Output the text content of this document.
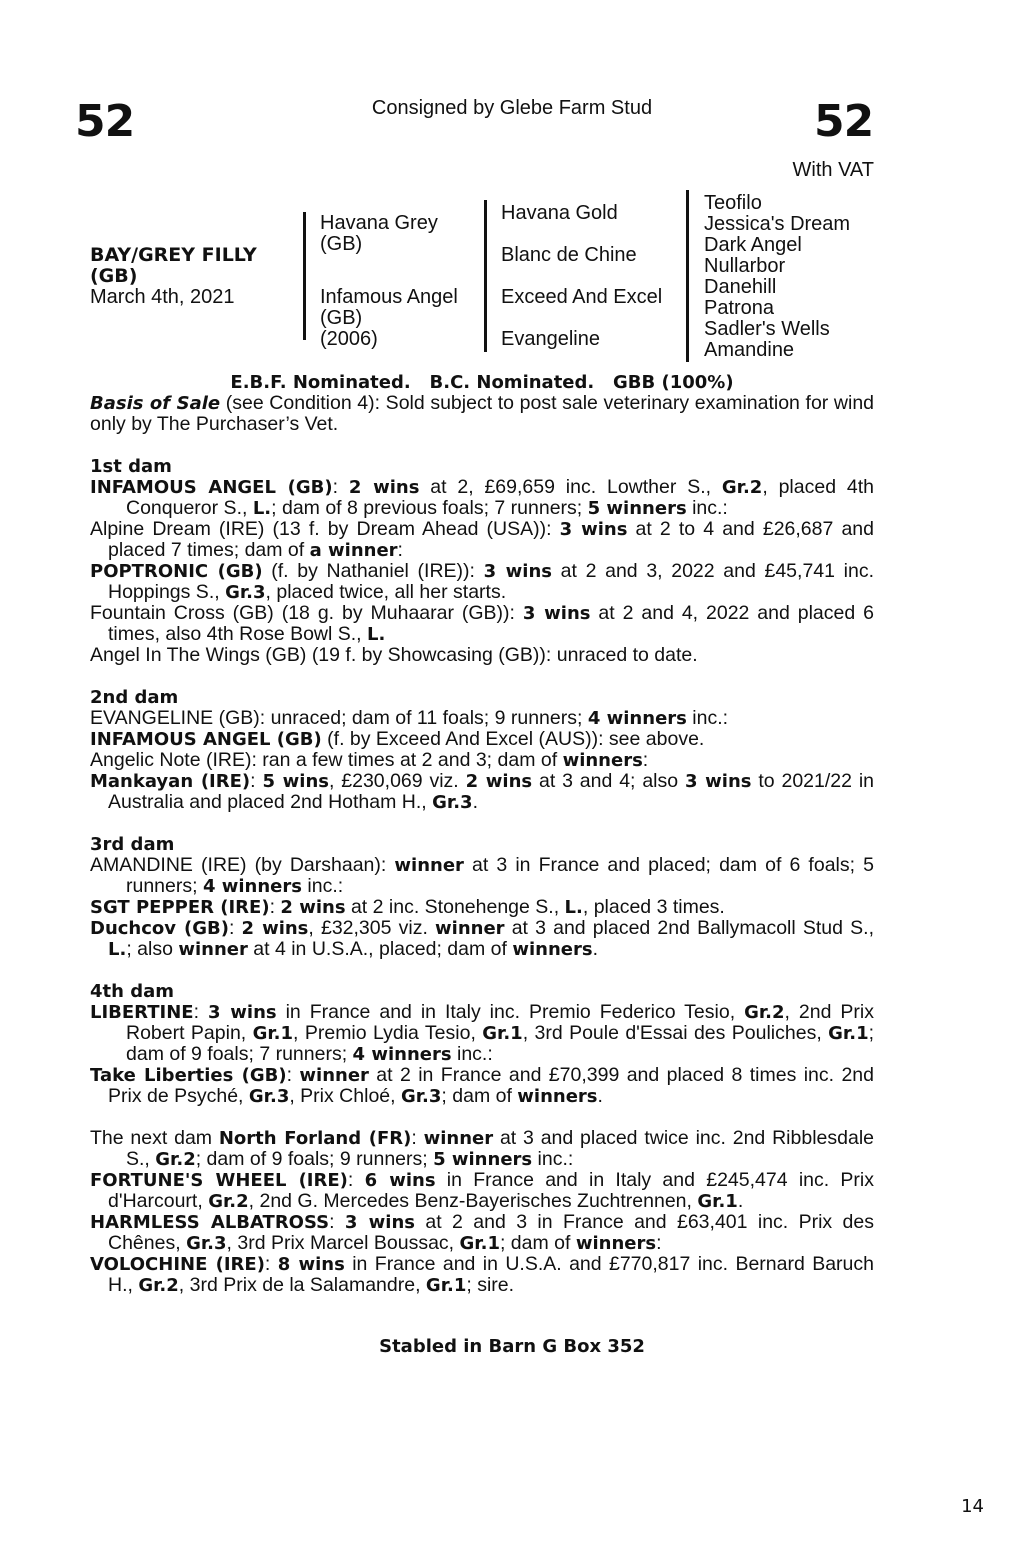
52	Consigned by Glebe Farm Stud	52
With VAT
BAY/GREY FILLY
(GB)
March 4th, 2021
Havana Grey
(GB)
Infamous Angel
(GB)
(2006)
Havana Gold
Blanc de Chine
Exceed And Excel
Evangeline
Teofilo
Jessica's Dream
Dark Angel
Nullarbor
Danehill
Patrona
Sadler's Wells
Amandine

E.B.F. Nominated.   B.C. Nominated.   GBB (100%)

Basis of Sale (see Condition 4): Sold subject to post sale veterinary examination for wind only by The Purchaser’s Vet.

1st dam

INFAMOUS ANGEL (GB): 2 wins at 2, £69,659 inc. Lowther S., Gr.2, placed 4th Conqueror S., L.; dam of 8 previous foals; 7 runners; 5 winners inc.:

Alpine Dream (IRE) (13 f. by Dream Ahead (USA)): 3 wins at 2 to 4 and £26,687 and placed 7 times; dam of a winner:

POPTRONIC (GB) (f. by Nathaniel (IRE)): 3 wins at 2 and 3, 2022 and £45,741 inc. Hoppings S., Gr.3, placed twice, all her starts.

Fountain Cross (GB) (18 g. by Muhaarar (GB)): 3 wins at 2 and 4, 2022 and placed 6 times, also 4th Rose Bowl S., L.

Angel In The Wings (GB) (19 f. by Showcasing (GB)): unraced to date.

2nd dam

EVANGELINE (GB): unraced; dam of 11 foals; 9 runners; 4 winners inc.:

INFAMOUS ANGEL (GB) (f. by Exceed And Excel (AUS)): see above.

Angelic Note (IRE): ran a few times at 2 and 3; dam of winners:

Mankayan (IRE): 5 wins, £230,069 viz. 2 wins at 3 and 4; also 3 wins to 2021/22 in Australia and placed 2nd Hotham H., Gr.3.

3rd dam

AMANDINE (IRE) (by Darshaan): winner at 3 in France and placed; dam of 6 foals; 5 runners; 4 winners inc.:

SGT PEPPER (IRE): 2 wins at 2 inc. Stonehenge S., L., placed 3 times.

Duchcov (GB): 2 wins, £32,305 viz. winner at 3 and placed 2nd Ballymacoll Stud S., L.; also winner at 4 in U.S.A., placed; dam of winners.

4th dam

LIBERTINE: 3 wins in France and in Italy inc. Premio Federico Tesio, Gr.2, 2nd Prix Robert Papin, Gr.1, Premio Lydia Tesio, Gr.1, 3rd Poule d'Essai des Pouliches, Gr.1; dam of 9 foals; 7 runners; 4 winners inc.:

Take Liberties (GB): winner at 2 in France and £70,399 and placed 8 times inc. 2nd Prix de Psyché, Gr.3, Prix Chloé, Gr.3; dam of winners.

The next dam North Forland (FR): winner at 3 and placed twice inc. 2nd Ribblesdale S., Gr.2; dam of 9 foals; 9 runners; 5 winners inc.:

FORTUNE'S WHEEL (IRE): 6 wins in France and in Italy and £245,474 inc. Prix d'Harcourt, Gr.2, 2nd G. Mercedes Benz-Bayerisches Zuchtrennen, Gr.1.

HARMLESS ALBATROSS: 3 wins at 2 and 3 in France and £63,401 inc. Prix des Chênes, Gr.3, 3rd Prix Marcel Boussac, Gr.1; dam of winners:

VOLOCHINE (IRE): 8 wins in France and in U.S.A. and £770,817 inc. Bernard Baruch H., Gr.2, 3rd Prix de la Salamandre, Gr.1; sire.

Stabled in Barn G Box 352
14
